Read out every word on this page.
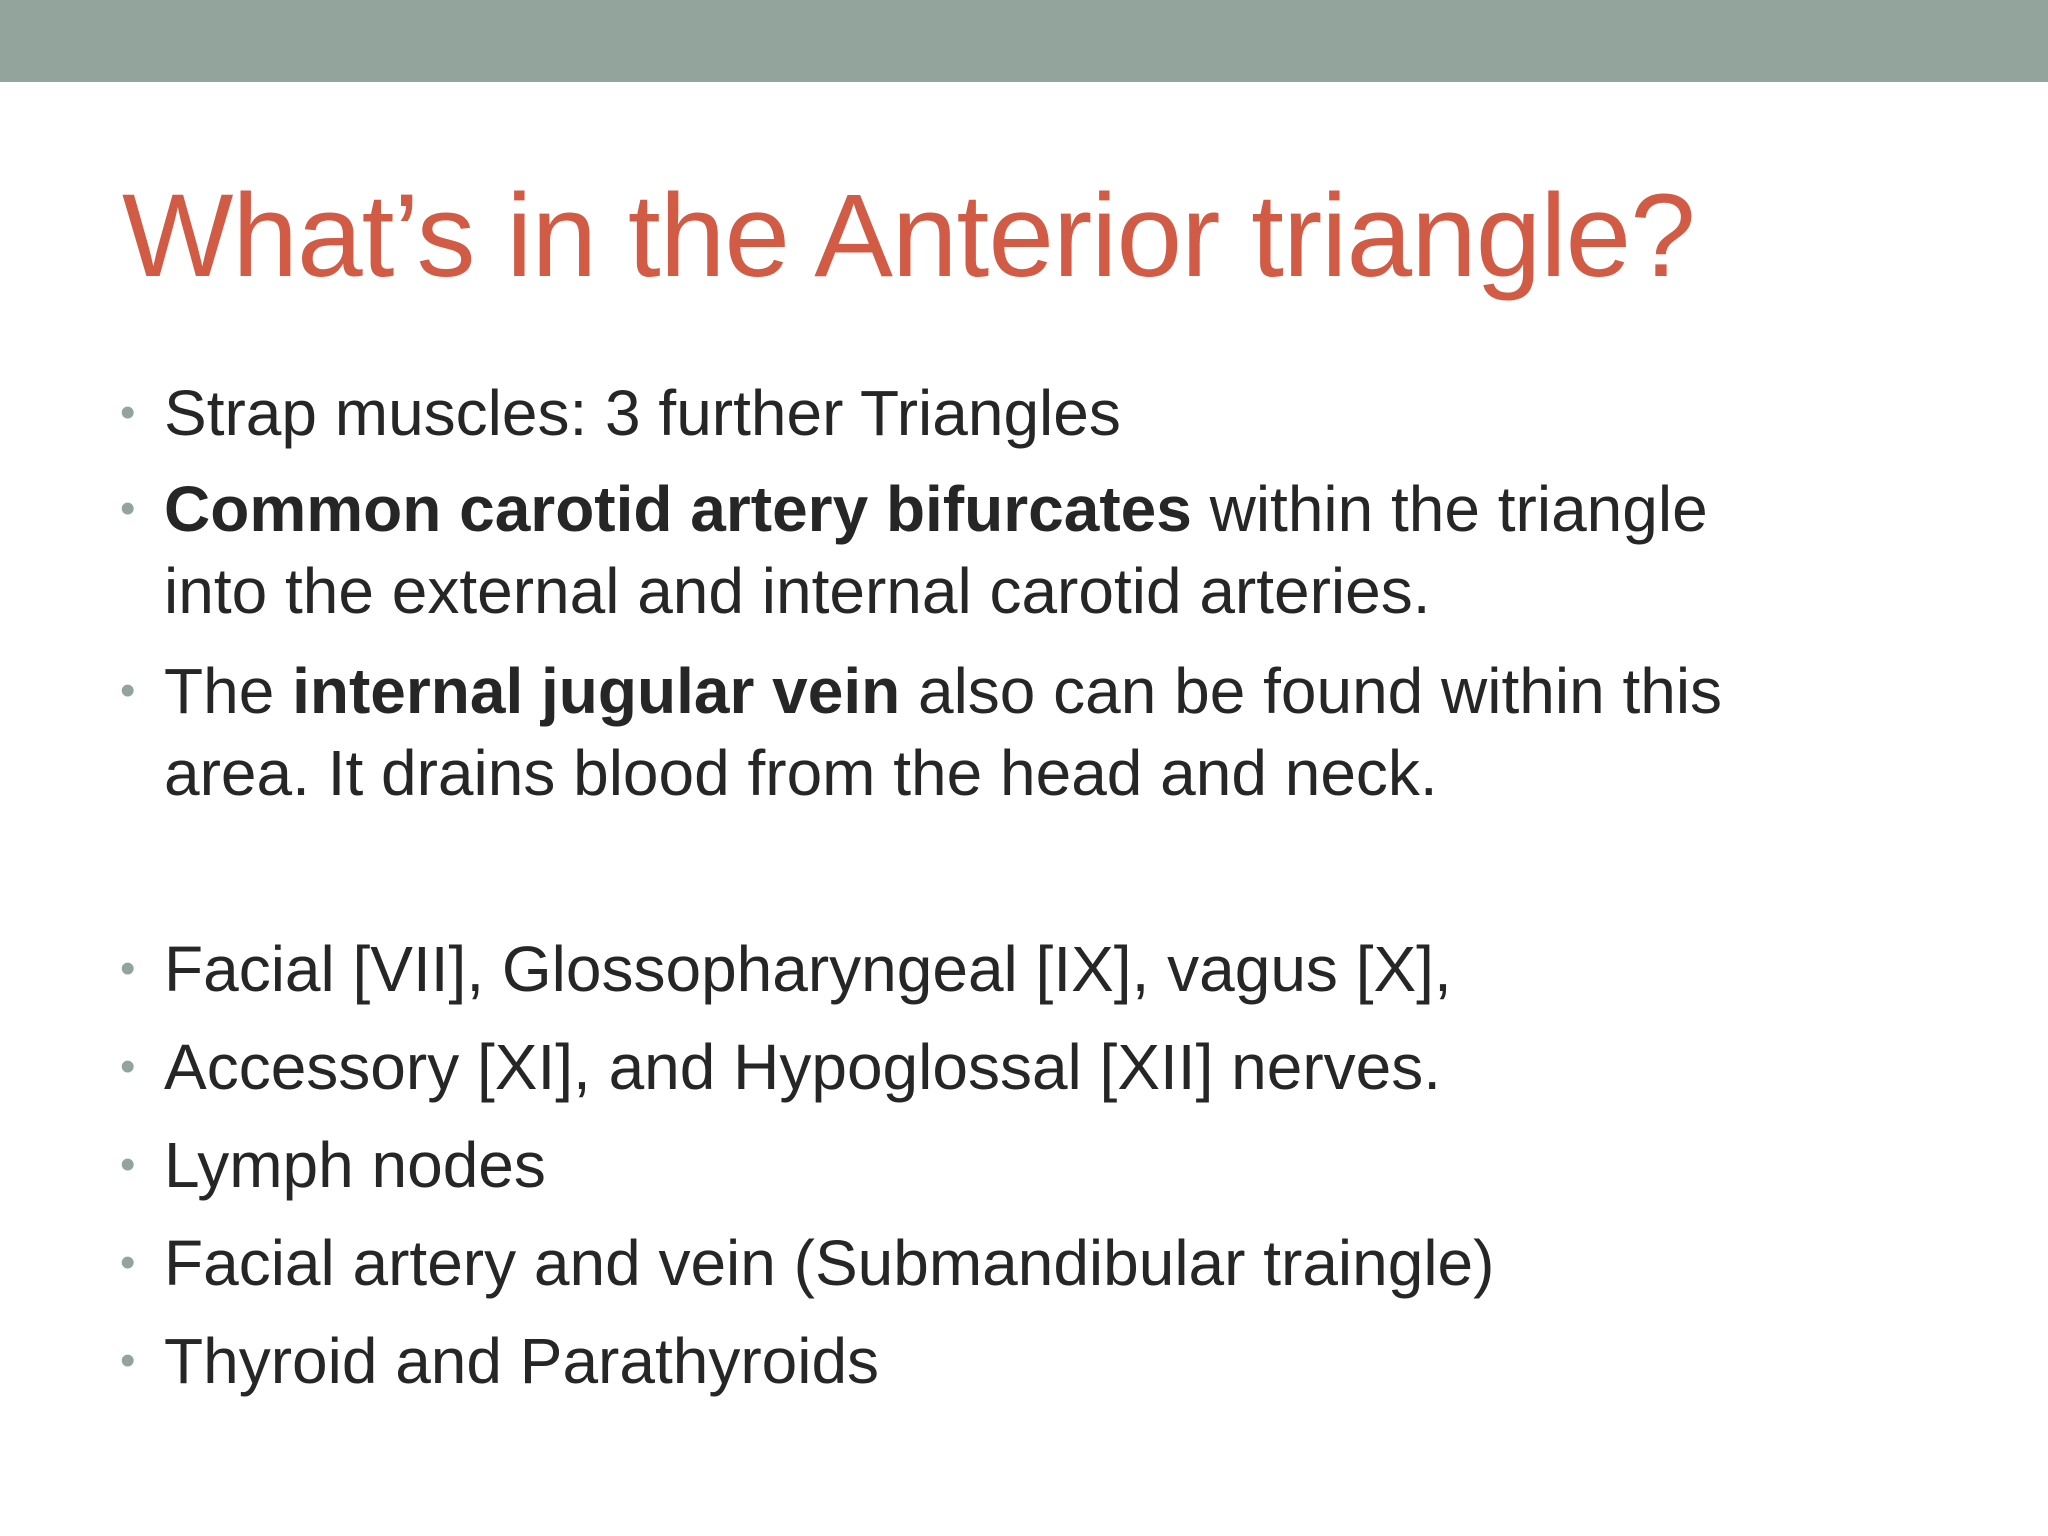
What’s in the Anterior triangle?
• Strap muscles: 3 further Triangles
• Common carotid artery bifurcates within the triangle
into the external and internal carotid arteries.
• The internal jugular vein also can be found within this
area. It drains blood from the head and neck.
• Facial [VII], Glossopharyngeal [IX], vagus [X],
• Accessory [XI], and Hypoglossal [XII] nerves.
• Lymph nodes
• Facial artery and vein (Submandibular traingle)
• Thyroid and Parathyroids
